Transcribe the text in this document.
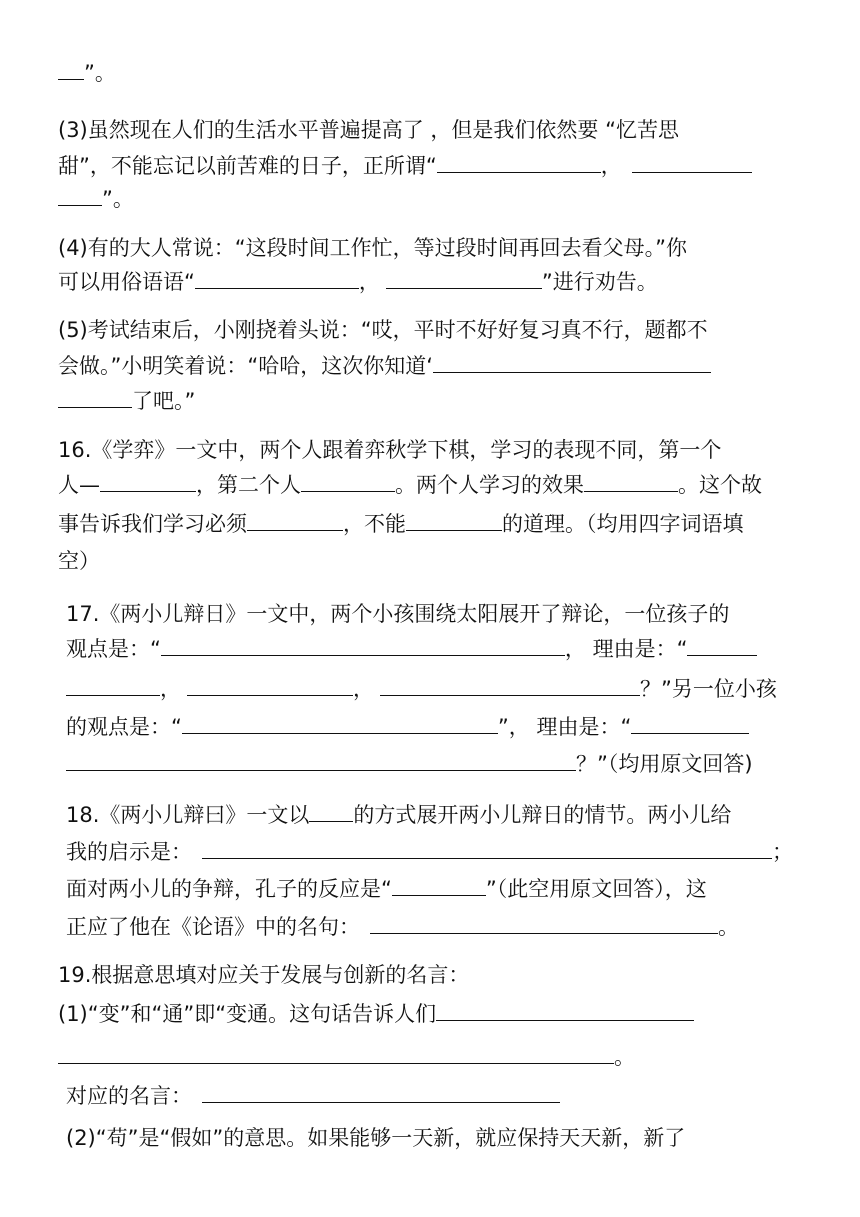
”。
(3)虽然现在人们的生活水平普遍提高了 ，但是我们依然要 “忆苦思
甜”，不能忘记以前苦难的日子，正所谓“	，
”。
(4)有的大人常说：“这段时间工作忙，等过段时间再回去看父母。”你
可以用俗语语“	，	”进行劝告。
(5)考试结束后，小刚挠着头说：“哎，平时不好好复习真不行，题都不
会做。”小明笑着说：“哈哈，这次你知道‘
了吧。”
16.《学弈》一文中，两个人跟着弈秋学下棋，学习的表现不同，第一个
人—	，第二个人	。两个人学习的效果	。这个故
事告诉我们学习必须	，不能	的道理。（均用四字词语填
空）
17.《两小儿辩日》一文中，两个小孩围绕太阳展开了辩论，一位孩子的
观点是：“	， 理由是：“
，	，	？”另一位小孩
的观点是：“	”， 理由是：“
？”（均用原文回答)
18.《两小儿辩曰》一文以 的方式展开两小儿辩日的情节。两小儿给
我的启示是：	；
面对两小儿的争辩，孔子的反应是“	”（此空用原文回答），这
正应了他在《论语》中的名句：	。
19.根据意思填对应关于发展与创新的名言：
(1)“变”和“通”即“变通。这句话告诉人们
。
对应的名言：
(2)“苟”是“假如”的意思。如果能够一天新，就应保持天天新，新了
